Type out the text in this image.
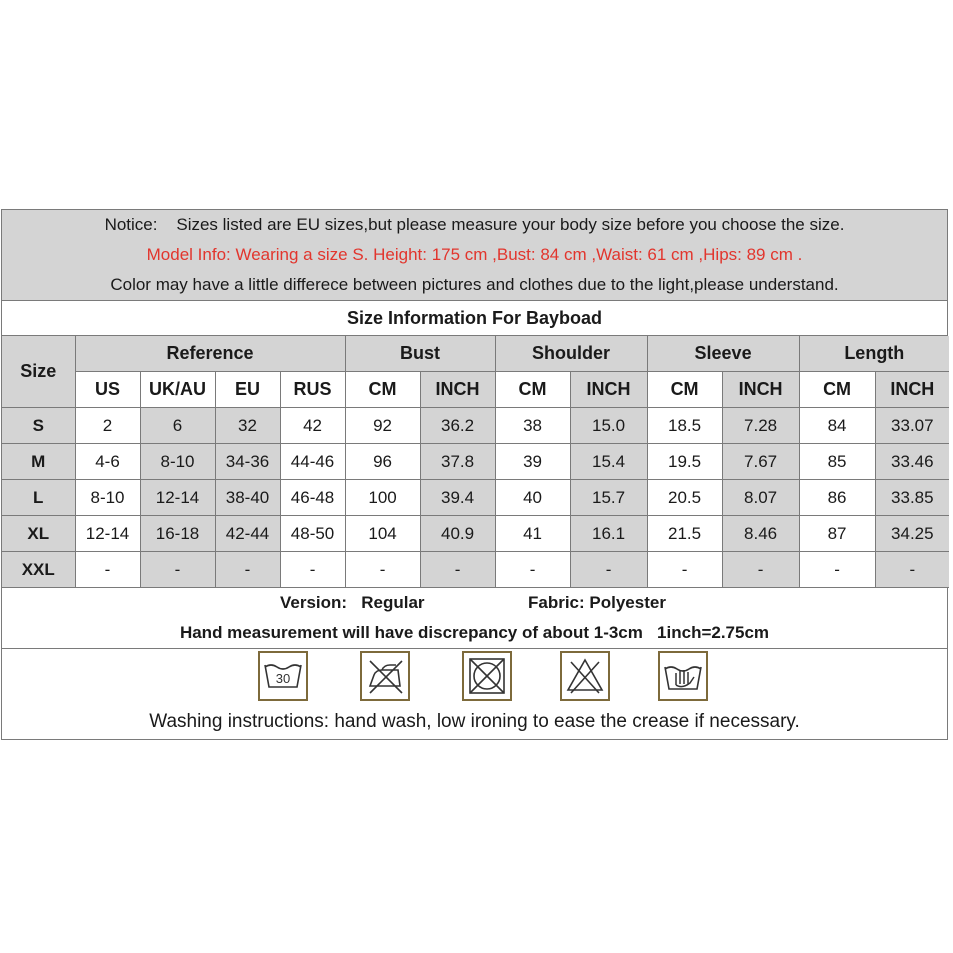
Notice:    Sizes listed are EU sizes,but please measure your body size before you choose the size.
Model Info: Wearing a size S. Height: 175 cm ,Bust: 84 cm ,Waist: 61 cm ,Hips: 89 cm .
Color may have a little differece between pictures and clothes due to the light,please understand.
Size Information For Bayboad
Size	Reference				Bust		Shoulder		Sleeve		Length	
	US	UK/AU	EU	RUS	CM	INCH	CM	INCH	CM	INCH	CM	INCH
S	2	6	32	42	92	36.2	38	15.0	18.5	7.28	84	33.07
M	4-6	8-10	34-36	44-46	96	37.8	39	15.4	19.5	7.67	85	33.46
L	8-10	12-14	38-40	46-48	100	39.4	40	15.7	20.5	8.07	86	33.85
XL	12-14	16-18	42-44	48-50	104	40.9	41	16.1	21.5	8.46	87	34.25
XXL	-	-	-	-	-	-	-	-	-	-	-	-
Version:   Regular	Fabric: Polyester
Hand measurement will have discrepancy of about 1-3cm   1inch=2.75cm
30
Washing instructions: hand wash, low ironing to ease the crease if necessary.
